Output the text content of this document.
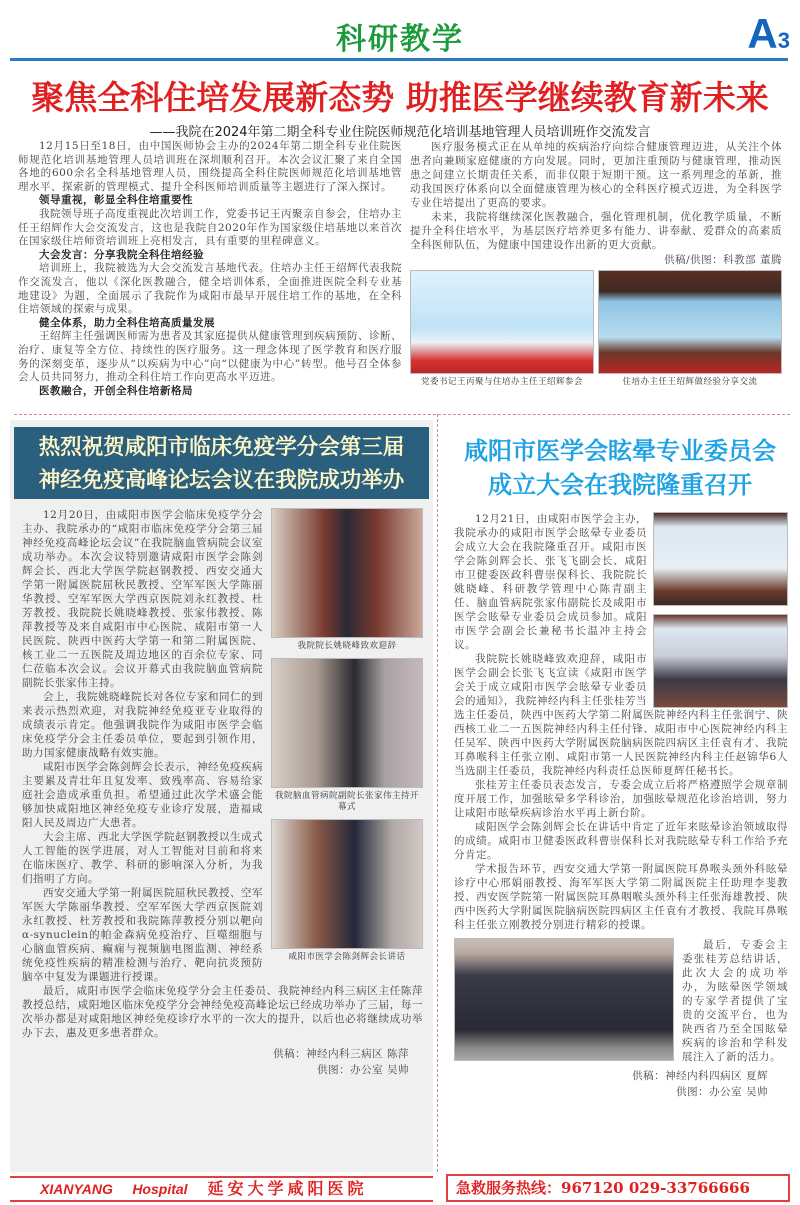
科研教学	A3
聚焦全科住培发展新态势 助推医学继续教育新未来
——我院在2024年第二期全科专业住院医师规范化培训基地管理人员培训班作交流发言

12月15日至18日，由中国医师协会主办的2024年第二期全科专业住院医师规范化培训基地管理人员培训班在深圳顺利召开。本次会议汇聚了来自全国各地的600余名全科基地管理人员，围绕提高全科住院医师规范化培训基地管理水平、探索新的管理模式、提升全科医师培训质量等主题进行了深入探讨。

领导重视，彰显全科住培重要性

我院领导班子高度重视此次培训工作，党委书记王丙聚亲自参会，住培办主任王绍辉作大会交流发言，这也是我院自2020年作为国家级住培基地以来首次在国家级住培师资培训班上亮相发言，具有重要的里程碑意义。

大会发言：分享我院全科住培经验

培训班上，我院被选为大会交流发言基地代表。住培办主任王绍辉代表我院作交流发言，他以《深化医教融合，健全培训体系，全面推进医院全科专业基地建设》为题，全面展示了我院作为咸阳市最早开展住培工作的基地，在全科住培领域的探索与成果。

健全体系，助力全科住培高质量发展

王绍辉主任强调医师需为患者及其家庭提供从健康管理到疾病预防、诊断、治疗、康复等全方位、持续性的医疗服务。这一理念体现了医学教育和医疗服务的深刻变革，逐步从“以疾病为中心”向“以健康为中心”转型。他号召全体参会人员共同努力，推动全科住培工作向更高水平迈进。

医教融合，开创全科住培新格局

医疗服务模式正在从单纯的疾病治疗向综合健康管理迈进，从关注个体患者向兼顾家庭健康的方向发展。同时，更加注重预防与健康管理，推动医患之间建立长期责任关系，而非仅限于短期干预。这一系列理念的革新，推动我国医疗体系向以全面健康管理为核心的全科医疗模式迈进，为全科医学专业住培提出了更高的要求。

未来，我院将继续深化医教融合，强化管理机制，优化教学质量，不断提升全科住培水平，为基层医疗培养更多有能力、讲奉献、爱群众的高素质全科医师队伍，为健康中国建设作出新的更大贡献。

供稿/供图：科教部 董腾
党委书记王丙聚与住培办主任王绍辉参会	住培办主任王绍辉做经验分享交流
热烈祝贺咸阳市临床免疫学分会第三届
神经免疫高峰论坛会议在我院成功举办
我院院长姚晓峰致欢迎辞
我院脑血管病院副院长张家伟主持开幕式
咸阳市医学会陈剑辉会长讲话

12月20日，由咸阳市医学会临床免疫学分会主办、我院承办的“咸阳市临床免疫学分会第三届神经免疫高峰论坛会议”在我院脑血管病院会议室成功举办。本次会议特别邀请咸阳市医学会陈剑辉会长、西北大学医学院赵钢教授、西安交通大学第一附属医院屈秋民教授、空军军医大学陈丽华教授、空军军医大学西京医院刘永红教授、杜芳教授、我院院长姚晓峰教授、张家伟教授、陈萍教授等及来自咸阳市中心医院、咸阳市第一人民医院、陕西中医药大学第一和第二附属医院、核工业二一五医院及周边地区的百余位专家、同仁莅临本次会议。会议开幕式由我院脑血管病院副院长张家伟主持。

会上，我院姚晓峰院长对各位专家和同仁的到来表示热烈欢迎，对我院神经免疫亚专业取得的成绩表示肯定。他强调我院作为咸阳市医学会临床免疫学分会主任委员单位，要起到引领作用，助力国家健康战略有效实施。

咸阳市医学会陈剑辉会长表示，神经免疫疾病主要累及青壮年且复发率、致残率高、容易给家庭社会造成承重负担。希望通过此次学术盛会能够加快咸阳地区神经免疫专业诊疗发展，造福咸阳人民及周边广大患者。

大会主席、西北大学医学院赵钢教授以生成式人工智能的医学进展，对人工智能对目前和将来在临床医疗、教学、科研的影响深入分析，为我们指明了方向。

西安交通大学第一附属医院屈秋民教授、空军军医大学陈丽华教授、空军军医大学西京医院刘永红教授、杜芳教授和我院陈萍教授分别以靶向α-synuclein的帕金森病免疫治疗、巨噬细胞与心脑血管疾病、癫痫与视频脑电图监测、神经系统免疫性疾病的精准检测与治疗、靶向抗炎预防脑卒中复发为课题进行授课。

最后，咸阳市医学会临床免疫学分会主任委员、我院神经内科三病区主任陈萍教授总结，咸阳地区临床免疫学分会神经免疫高峰论坛已经成功举办了三届，每一次举办都是对咸阳地区神经免疫诊疗水平的一次大的提升，以后也必将继续成功举办下去，惠及更多患者群众。

供稿：神经内科三病区 陈萍
供图：办公室 吴帅
咸阳市医学会眩晕专业委员会
成立大会在我院隆重召开

12月21日，由咸阳市医学会主办，我院承办的咸阳市医学会眩晕专业委员会成立大会在我院隆重召开。咸阳市医学会陈剑辉会长、张飞飞副会长、咸阳市卫健委医政科曹崇保科长、我院院长姚晓峰、科研教学管理中心陈青副主任、脑血管病院张家伟副院长及咸阳市医学会眩晕专业委员会成员参加。咸阳市医学会副会长兼秘书长温冲主持会议。

我院院长姚晓峰致欢迎辞，咸阳市医学会副会长张飞飞宣读《咸阳市医学会关于成立咸阳市医学会眩晕专业委员会的通知》，我院神经内科主任张桂芳当选主任委员，陕西中医药大学第二附属医院神经内科主任张润宁、陕西核工业二一五医院神经内科主任付锋、咸阳市中心医院神经内科主任吴军、陕西中医药大学附属医院脑病医院四病区主任袁有才、我院耳鼻喉科主任张立刚、咸阳市第一人民医院神经内科主任赵锦华6人当选副主任委员，我院神经内科责任总医师夏辉任秘书长。

张桂芳主任委员表态发言，专委会成立后将严格遵照学会规章制度开展工作，加强眩晕多学科诊治，加强眩晕规范化诊治培训，努力让咸阳市眩晕疾病诊治水平再上新台阶。

咸阳医学会陈剑辉会长在讲话中肯定了近年来眩晕诊治领域取得的成绩。咸阳市卫健委医政科曹崇保科长对我院眩晕专科工作给予充分肯定。

学术报告环节，西安交通大学第一附属医院耳鼻喉头颈外科眩晕诊疗中心邢娟丽教授、海军军医大学第二附属医院主任助理李斐教授、西安医学院第一附属医院耳鼻咽喉头颈外科主任张海雄教授、陕西中医药大学附属医院脑病医院四病区主任袁有才教授、我院耳鼻喉科主任张立刚教授分别进行精彩的授课。

最后，专委会主委张桂芳总结讲话，此次大会的成功举办，为眩晕医学领域的专家学者提供了宝贵的交流平台，也为陕西省乃至全国眩晕疾病的诊治和学科发展注入了新的活力。

供稿：神经内科四病区 夏辉
供图：办公室 吴帅
XIANYANG Hospital 延安大学咸阳医院	急救服务热线：967120 029-33766666
